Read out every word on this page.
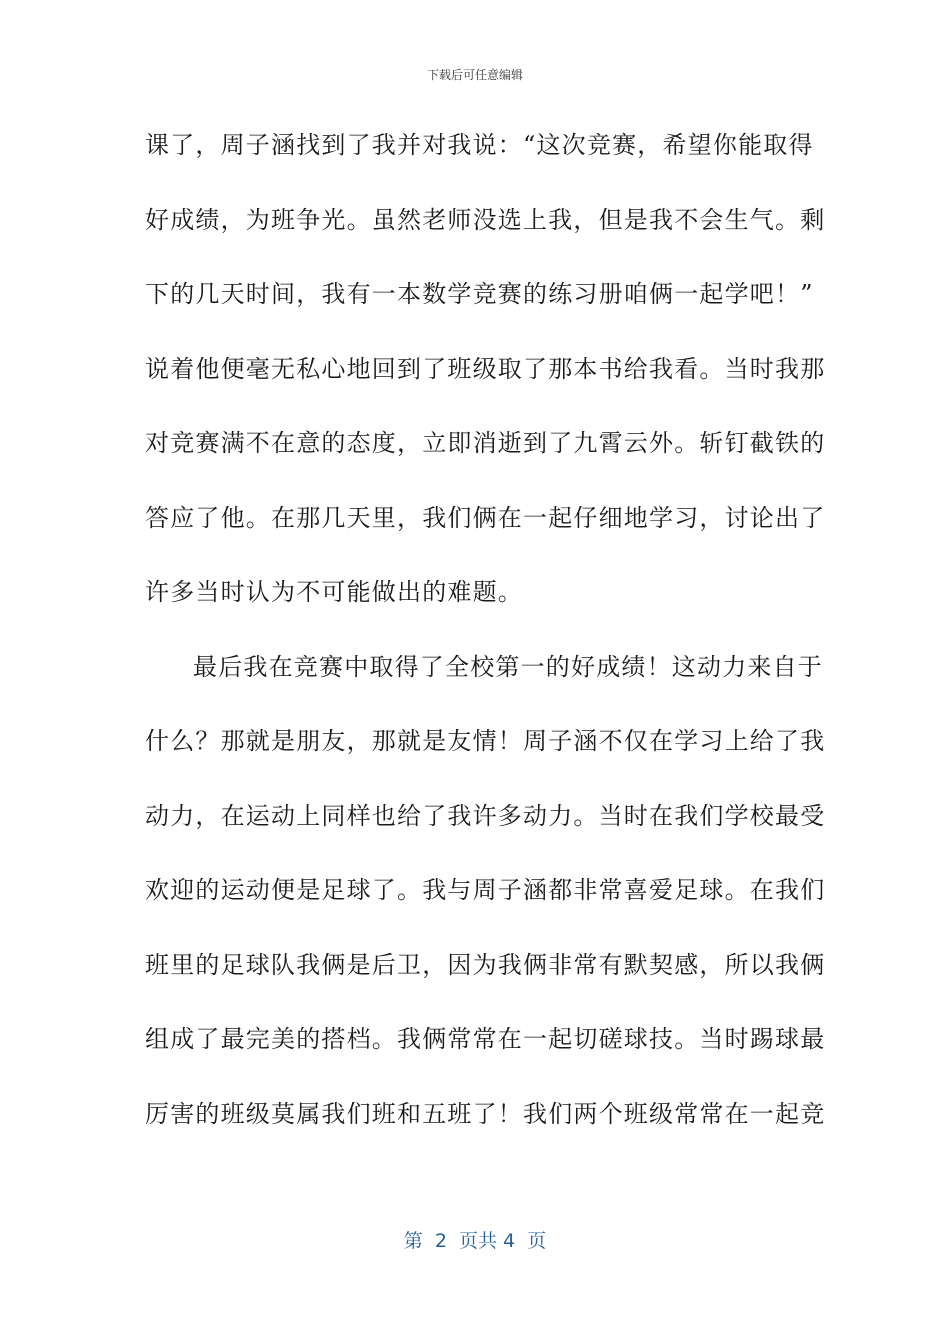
下载后可任意编辑
课了，周子涵找到了我并对我说：“这次竞赛，希望你能取得
好成绩，为班争光。虽然老师没选上我，但是我不会生气。剩
下的几天时间，我有一本数学竞赛的练习册咱俩一起学吧！”
说着他便毫无私心地回到了班级取了那本书给我看。当时我那
对竞赛满不在意的态度，立即消逝到了九霄云外。斩钉截铁的
答应了他。在那几天里，我们俩在一起仔细地学习，讨论出了
许多当时认为不可能做出的难题。
最后我在竞赛中取得了全校第一的好成绩！这动力来自于
什么？那就是朋友，那就是友情！周子涵不仅在学习上给了我
动力，在运动上同样也给了我许多动力。当时在我们学校最受
欢迎的运动便是足球了。我与周子涵都非常喜爱足球。在我们
班里的足球队我俩是后卫，因为我俩非常有默契感，所以我俩
组成了最完美的搭档。我俩常常在一起切磋球技。当时踢球最
厉害的班级莫属我们班和五班了！我们两个班级常常在一起竞
第  2  页共 4  页
